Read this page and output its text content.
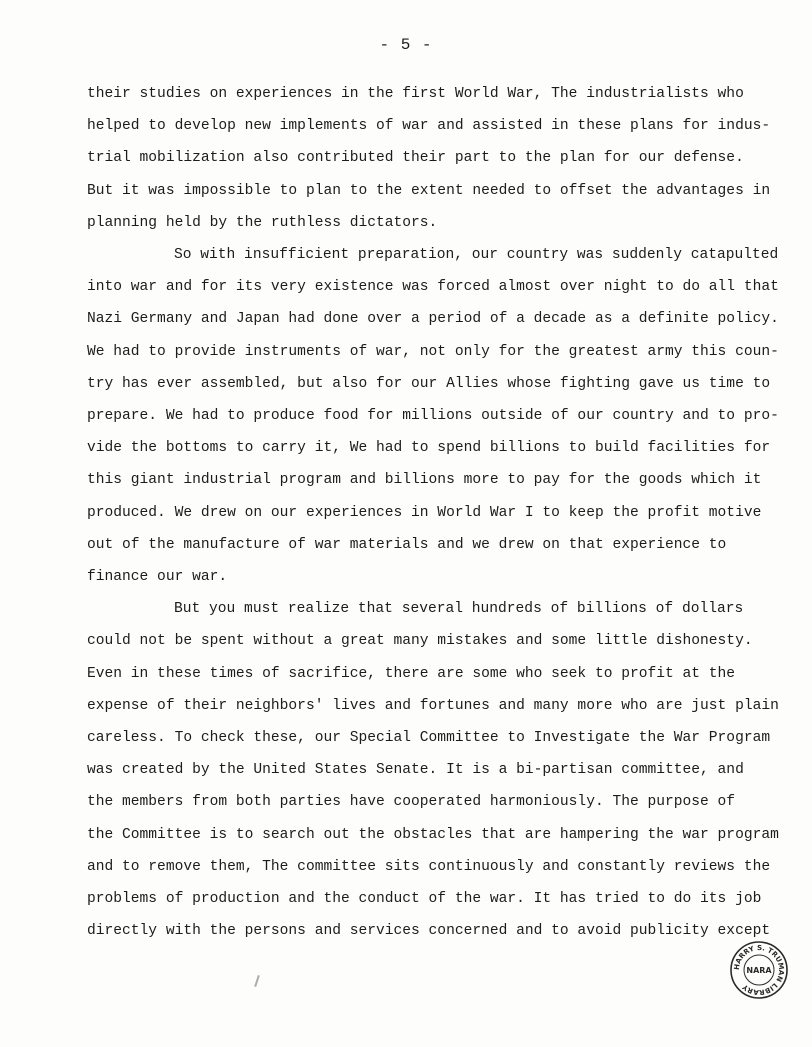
- 5 -

their studies on experiences in the first World War, The industrialists who
helped to develop new implements of war and assisted in these plans for indus-
trial mobilization also contributed their part to the plan for our defense.
But it was impossible to plan to the extent needed to offset the advantages in
planning held by the ruthless dictators.

So with insufficient preparation, our country was suddenly catapulted
into war and for its very existence was forced almost over night to do all that
Nazi Germany and Japan had done over a period of a decade as a definite policy.
We had to provide instruments of war, not only for the greatest army this coun-
try has ever assembled, but also for our Allies whose fighting gave us time to
prepare. We had to produce food for millions outside of our country and to pro-
vide the bottoms to carry it, We had to spend billions to build facilities for
this giant industrial program and billions more to pay for the goods which it
produced. We drew on our experiences in World War I to keep the profit motive
out of the manufacture of war materials and we drew on that experience to
finance our war.

But you must realize that several hundreds of billions of dollars
could not be spent without a great many mistakes and some little dishonesty.
Even in these times of sacrifice, there are some who seek to profit at the
expense of their neighbors' lives and fortunes and many more who are just plain
careless. To check these, our Special Committee to Investigate the War Program
was created by the United States Senate. It is a bi-partisan committee, and
the members from both parties have cooperated harmoniously. The purpose of
the Committee is to search out the obstacles that are hampering the war program
and to remove them, The committee sits continuously and constantly reviews the
problems of production and the conduct of the war. It has tried to do its job
directly with the persons and services concerned and to avoid publicity except

HARRY S. TRUMAN LIBRARY
NARA
